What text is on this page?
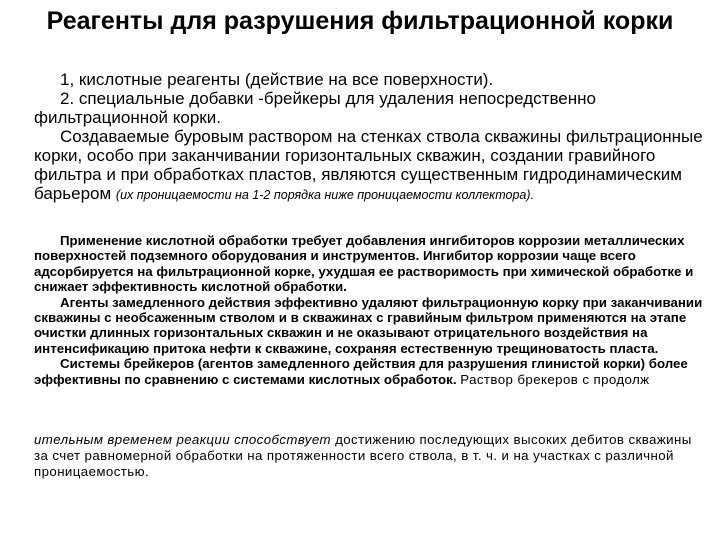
Реагенты для разрушения фильтрационной корки

1, кислотные реагенты (действие на все поверхности).

2. специальные добавки -брейкеры для удаления непосредственно фильтрационной корки.

Создаваемые буровым раствором на стенках ствола скважины фильтрационные корки, особо при заканчивании горизонтальных скважин, создании гравийного фильтра и при обработках пластов, являются существенным гидродинамическим барьером (их проницаемости на 1-2 порядка ниже проницаемости коллектора).

Применение кислотной обработки требует добавления ингибиторов коррозии металлических поверхностей подземного оборудования и инструментов. Ингибитор коррозии чаще всего адсорбируется на фильтрационной корке, ухудшая ее растворимость при химической обработке и снижает эффективность кислотной обработки.

Агенты замедленного действия эффективно удаляют фильтрационную корку при заканчивании скважины с необсаженным стволом и в скважинах с гравийным фильтром применяются на этапе очистки длинных горизонтальных скважин и не оказывают отрицательного воздействия на интенсификацию притока нефти к скважине, сохраняя естественную трещиноватость пласта.

Системы брейкеров (агентов замедленного действия для разрушения глинистой корки) более эффективны по сравнению с системами кислотных обработок. Раствор брекеров с продолж

ительным временем реакции способствует достижению последующих высоких дебитов скважины за счет равномерной обработки на протяженности всего ствола, в т. ч. и на участках с различной проницаемостью.
